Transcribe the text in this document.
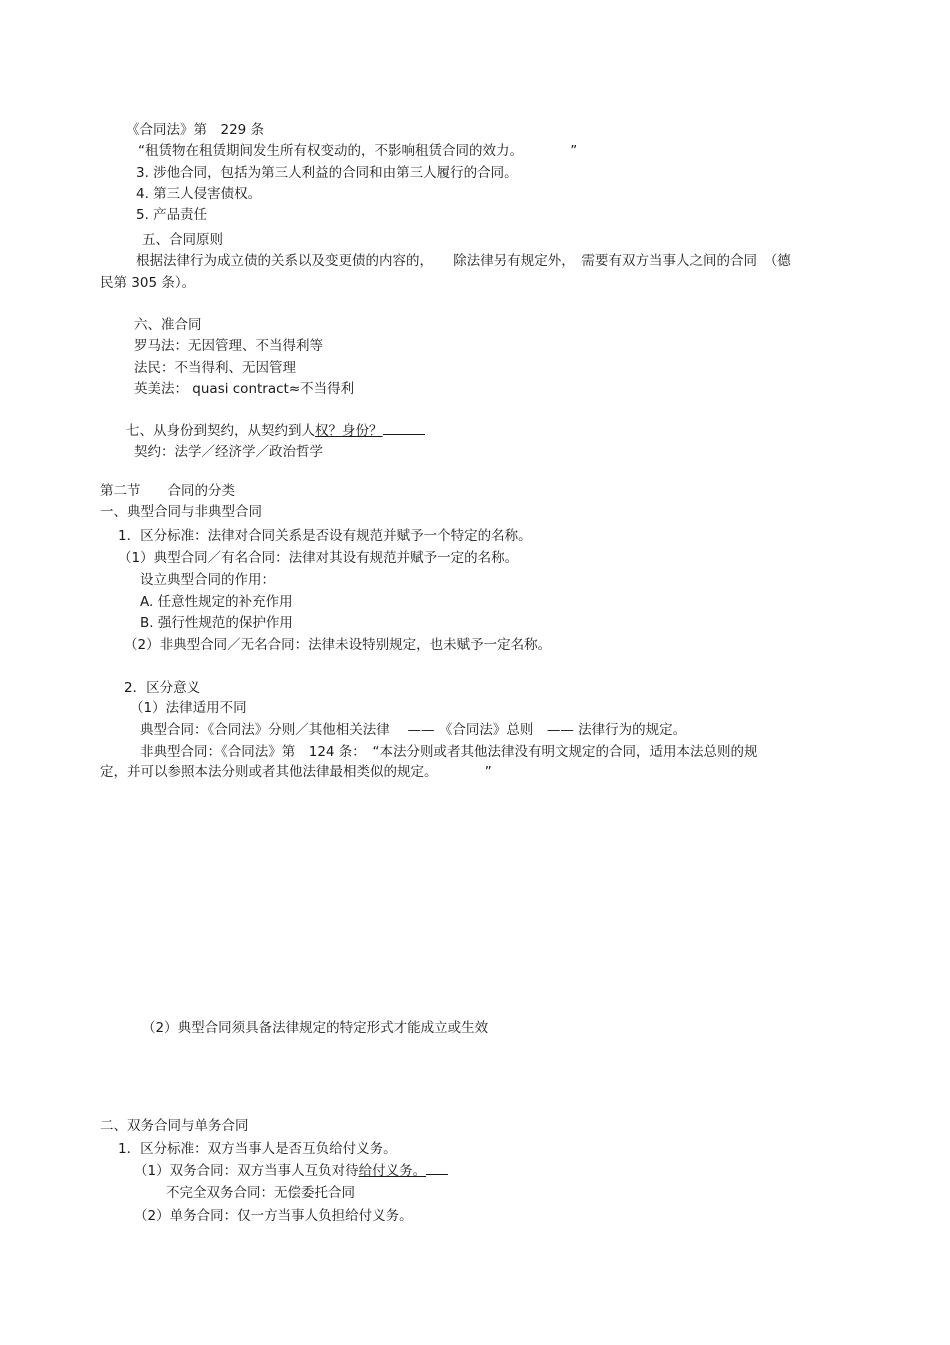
《合同法》第　229 条
“租赁物在租赁期间发生所有权变动的，不影响租赁合同的效力。　　　　”
3. 涉他合同，包括为第三人利益的合同和由第三人履行的合同。
4. 第三人侵害债权。
5. 产品责任
五、合同原则
根据法律行为成立债的关系以及变更债的内容的，　　除法律另有规定外，　需要有双方当事人之间的合同　（德
民第 305 条）。
六、准合同
罗马法：无因管理、不当得利等
法民：不当得利、无因管理
英美法： quasi contract≈不当得利
七、从身份到契约，从契约到人权？身份？
契约：法学／经济学／政治哲学
第二节　　合同的分类
一、典型合同与非典型合同
1．区分标准：法律对合同关系是否设有规范并赋予一个特定的名称。
（1）典型合同／有名合同：法律对其设有规范并赋予一定的名称。
设立典型合同的作用：
A. 任意性规定的补充作用
B. 强行性规范的保护作用
（2）非典型合同／无名合同：法律未设特别规定，也未赋予一定名称。
2．区分意义
（1）法律适用不同
典型合同：《合同法》分则／其他相关法律　 —— 《合同法》总则　—— 法律行为的规定。
非典型合同：《合同法》第　124 条：　“本法分则或者其他法律没有明文规定的合同，适用本法总则的规
定，并可以参照本法分则或者其他法律最相类似的规定。　　　　”
（2）典型合同须具备法律规定的特定形式才能成立或生效
二、双务合同与单务合同
1．区分标准：双方当事人是否互负给付义务。
（1）双务合同：双方当事人互负对待给付义务。
不完全双务合同：无偿委托合同
（2）单务合同：仅一方当事人负担给付义务。
